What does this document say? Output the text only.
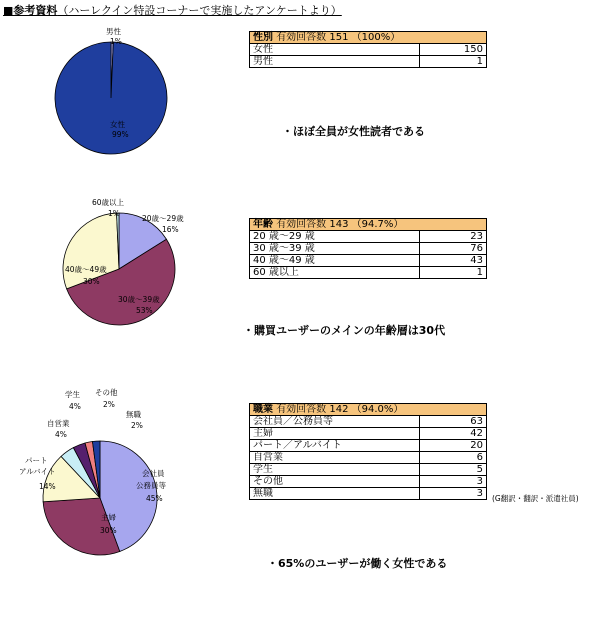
■参考資料（ハーレクイン特設コーナーで実施したアンケートより）
男性
1%
女性
99%
性別 有効回答数 151 （100%）	
女性	150
男性	1
・ほぼ全員が女性読者である
60歳以上
1%
20歳～29歳
16%
40歳～49歳
30%
30歳～39歳
53%
年齢 有効回答数 143 （94.7%）	
20 歳～29 歳	23
30 歳～39 歳	76
40 歳～49 歳	43
60 歳以上	1
・購買ユーザーのメインの年齢層は30代
学生
4%
その他
2%
無職
2%
自営業
4%
パート
アルバイト
14%
会社員
公務員等
45%
主婦
30%
職業 有効回答数 142 （94.0%）	
会社員／公務員等	63
主婦	42
パート／アルバイト	20
自営業	6
学生	5
その他	3
無職	3 (G翻訳・翻訳・派遣社員)
・65%のユーザーが働く女性である
